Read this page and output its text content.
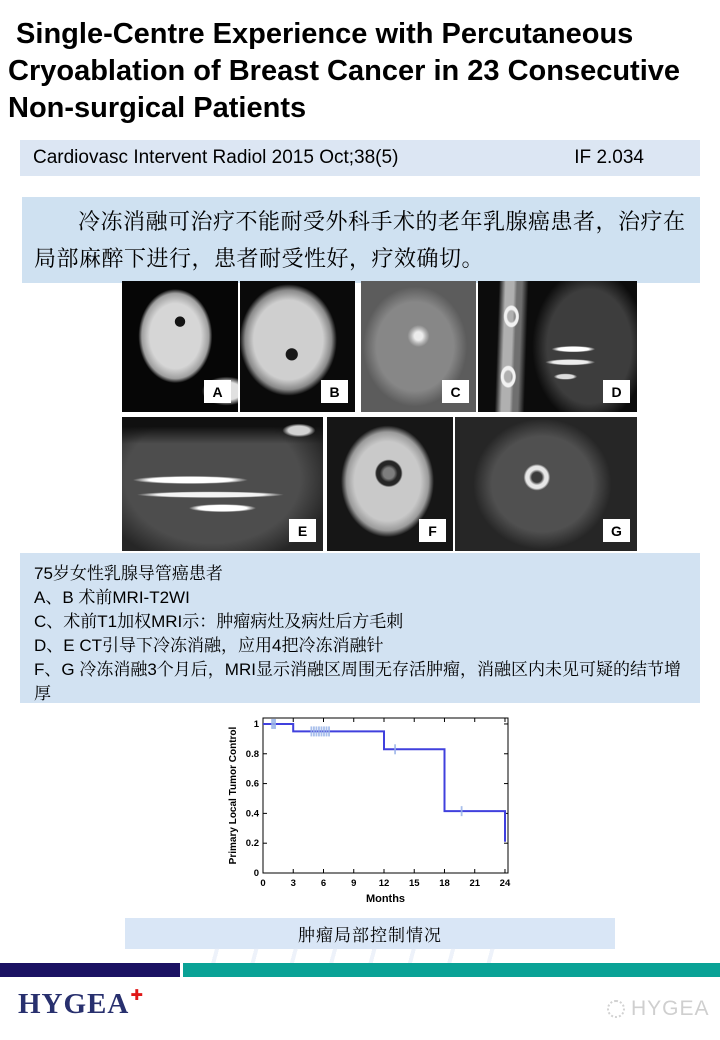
Single-Centre Experience with Percutaneous
Cryoablation of Breast Cancer in 23 Consecutive
Non-surgical Patients
Cardiovasc Intervent Radiol 2015 Oct;38(5)	IF 2.034
冷冻消融可治疗不能耐受外科手术的老年乳腺癌患者，治疗在局部麻醉下进行，患者耐受性好，疗效确切。
A	B	C	D
E	F	G
75岁女性乳腺导管癌患者
A、B 术前MRI-T2WI
C、术前T1加权MRI示：肿瘤病灶及病灶后方毛刺
D、E CT引导下冷冻消融，应用4把冷冻消融针
F、G 冷冻消融3个月后，MRI显示消融区周围无存活肿瘤，消融区内未见可疑的结节增厚
0	3	6	9 12 15 18 21 24
0
0.2
0.4
0.6
0.8
1
Primary Local Tumor Control
Months
肿瘤局部控制情况
HYGEA✚
HYGEA
